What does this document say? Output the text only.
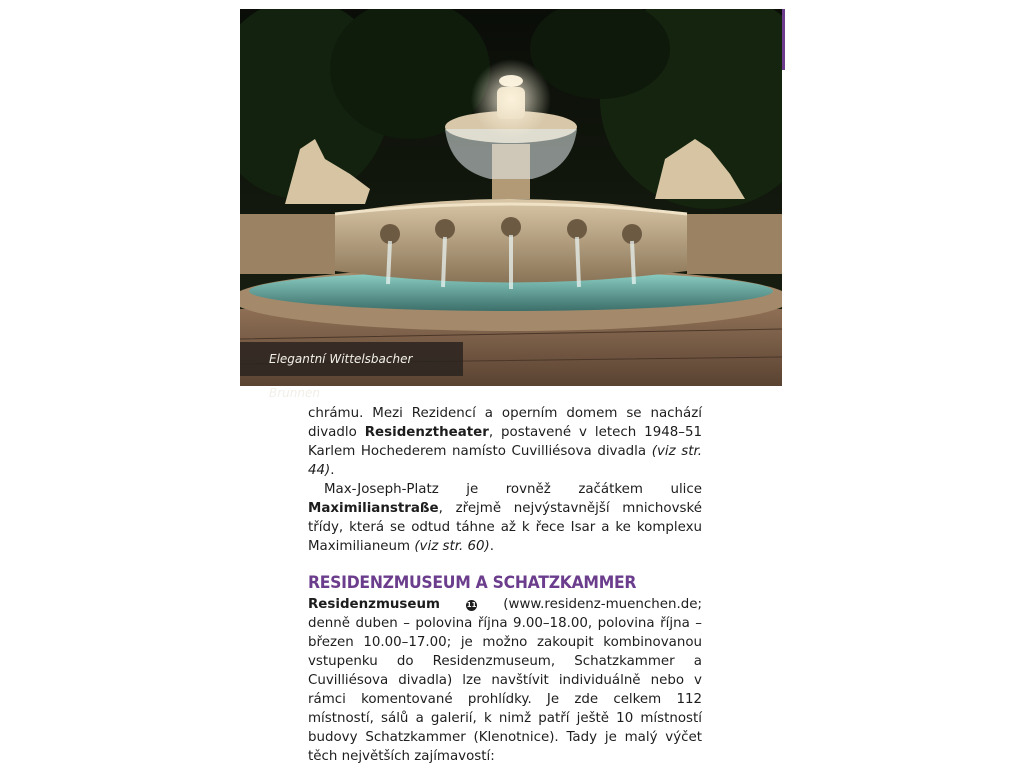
Elegantní Wittelsbacher Brunnen

chrámu. Mezi Rezidencí a operním domem se nachází divadlo Residenztheater, postavené v letech 1948–51 Karlem Hochederem namísto Cuvilliésova divadla (viz str. 44).

Max-Joseph-Platz je rovněž začátkem ulice Maximilianstraße, zřejmě nejvýstavnější mnichovské třídy, která se odtud táhne až k řece Isar a ke komplexu Maximilianeum (viz str. 60).

RESIDENZMUSEUM A SCHATZKAMMER

Residenzmuseum	11 (www.residenz-muenchen.de; denně duben – polovina října 9.00–18.00, polovina října – březen 10.00–17.00; je možno zakoupit kombinovanou vstupenku do Residenzmuseum, Schatzkammer a Cuvilliésova divadla) lze navštívit individuálně nebo v rámci komentované prohlídky. Je zde celkem 112 místností, sálů a galerií, k nimž patří ještě 10 místností budovy Schatzkammer (Klenotnice). Tady je malý výčet těch největších zajímavostí:
